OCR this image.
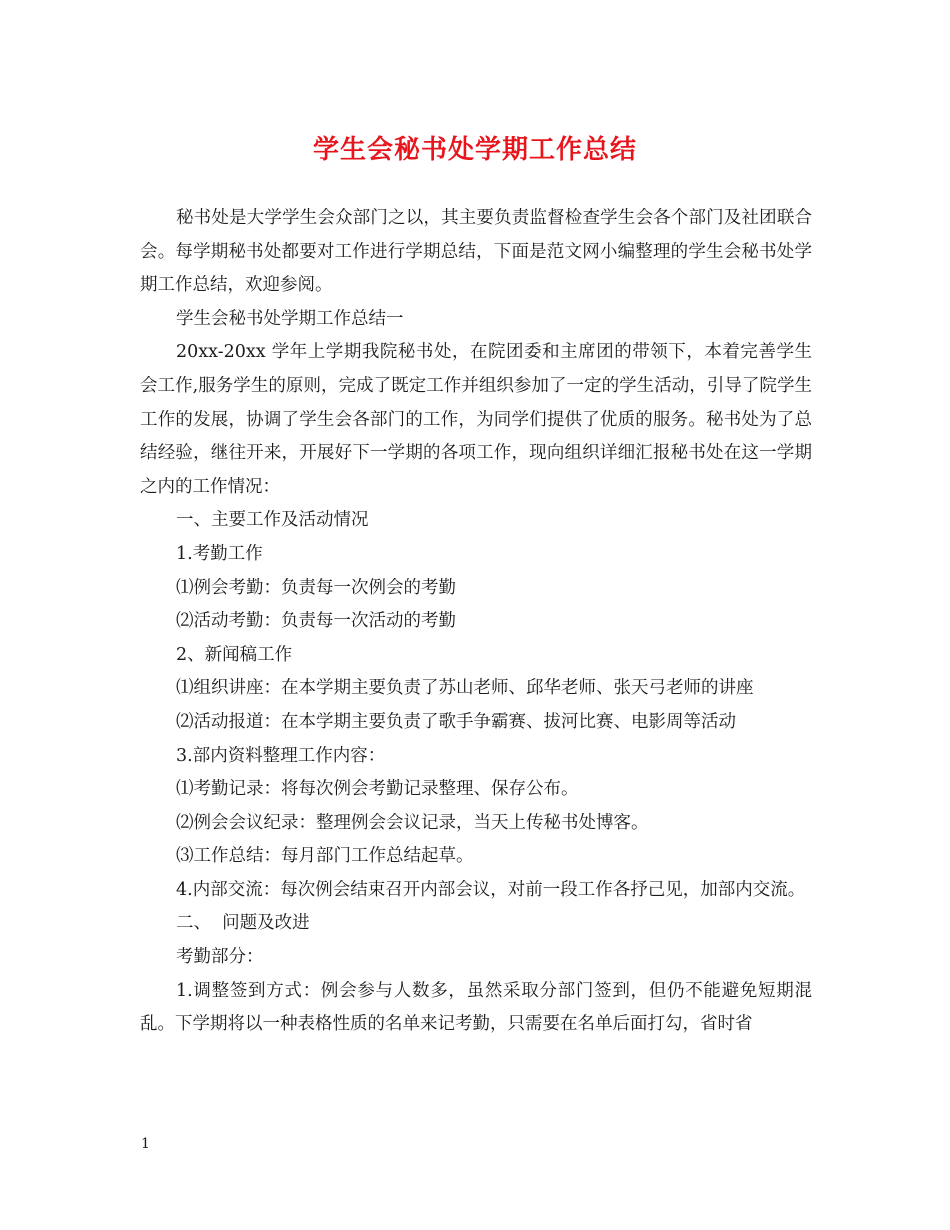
学生会秘书处学期工作总结

秘书处是大学学生会众部门之以，其主要负责监督检查学生会各个部门及社团联合会。每学期秘书处都要对工作进行学期总结，下面是范文网小编整理的学生会秘书处学期工作总结，欢迎参阅。

学生会秘书处学期工作总结一

20xx-20xx 学年上学期我院秘书处，在院团委和主席团的带领下，本着完善学生会工作,服务学生的原则，完成了既定工作并组织参加了一定的学生活动，引导了院学生工作的发展，协调了学生会各部门的工作，为同学们提供了优质的服务。秘书处为了总结经验，继往开来，开展好下一学期的各项工作，现向组织详细汇报秘书处在这一学期之内的工作情况：

一、主要工作及活动情况

1.考勤工作

⑴例会考勤：负责每一次例会的考勤

⑵活动考勤：负责每一次活动的考勤

2、新闻稿工作

⑴组织讲座：在本学期主要负责了苏山老师、邱华老师、张天弓老师的讲座

⑵活动报道：在本学期主要负责了歌手争霸赛、拔河比赛、电影周等活动

3.部内资料整理工作内容：

⑴考勤记录：将每次例会考勤记录整理、保存公布。

⑵例会会议纪录：整理例会会议记录，当天上传秘书处博客。

⑶工作总结：每月部门工作总结起草。

4.内部交流：每次例会结束召开内部会议，对前一段工作各抒己见，加部内交流。

二、  问题及改进

考勤部分：

1.调整签到方式：例会参与人数多，虽然采取分部门签到，但仍不能避免短期混乱。下学期将以一种表格性质的名单来记考勤，只需要在名单后面打勾，省时省

1
